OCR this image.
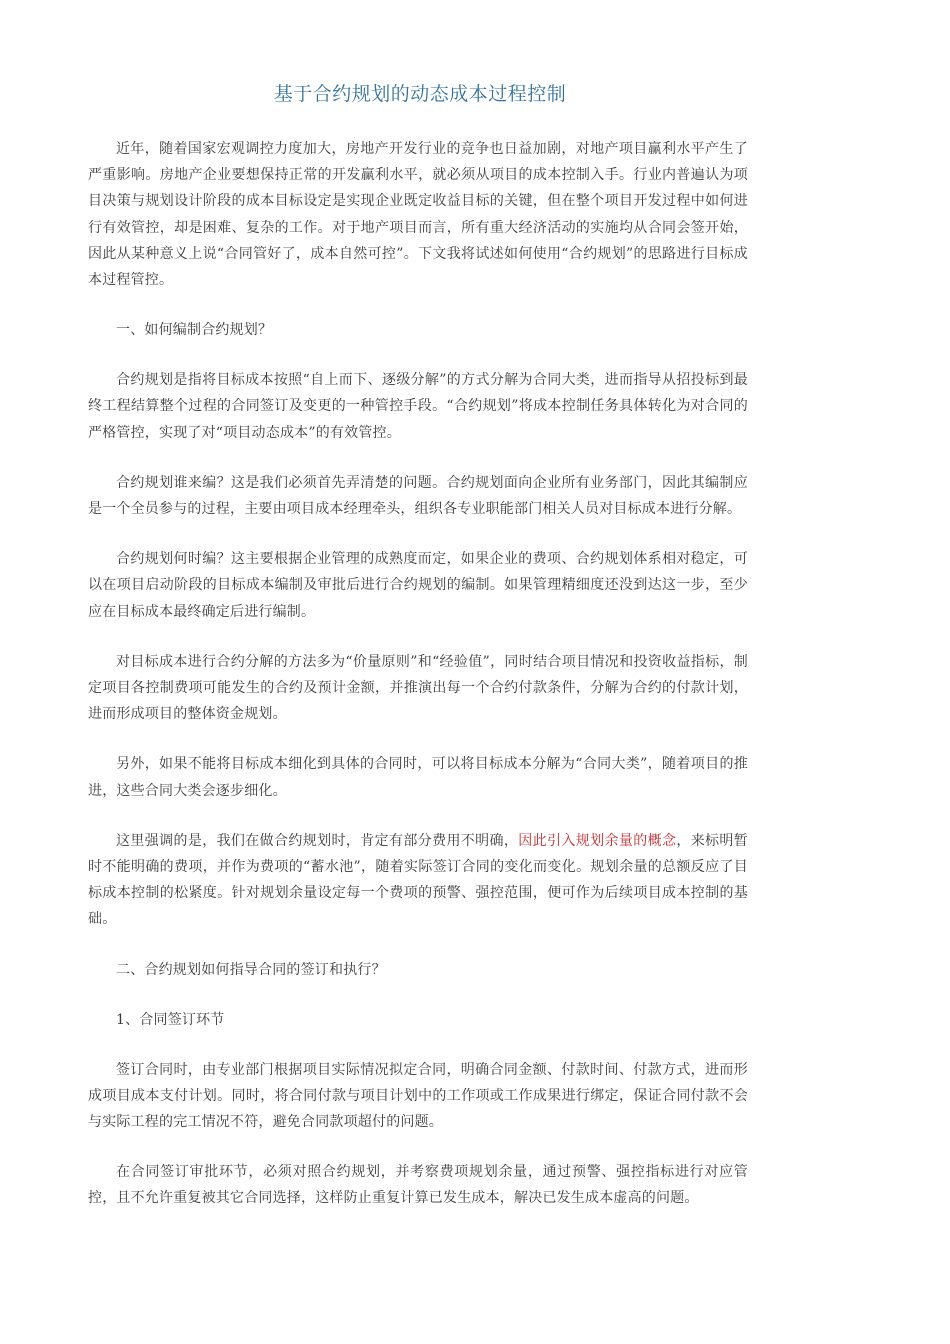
基于合约规划的动态成本过程控制

近年，随着国家宏观调控力度加大，房地产开发行业的竞争也日益加剧，对地产项目赢利水平产生了严重影响。房地产企业要想保持正常的开发赢利水平，就必须从项目的成本控制入手。行业内普遍认为项目决策与规划设计阶段的成本目标设定是实现企业既定收益目标的关键，但在整个项目开发过程中如何进行有效管控，却是困难、复杂的工作。对于地产项目而言，所有重大经济活动的实施均从合同会签开始，因此从某种意义上说“合同管好了，成本自然可控”。下文我将试述如何使用“合约规划”的思路进行目标成本过程管控。

一、如何编制合约规划？

合约规划是指将目标成本按照“自上而下、逐级分解”的方式分解为合同大类，进而指导从招投标到最终工程结算整个过程的合同签订及变更的一种管控手段。“合约规划”将成本控制任务具体转化为对合同的严格管控，实现了对“项目动态成本”的有效管控。

合约规划谁来编？这是我们必须首先弄清楚的问题。合约规划面向企业所有业务部门，因此其编制应是一个全员参与的过程，主要由项目成本经理牵头，组织各专业职能部门相关人员对目标成本进行分解。

合约规划何时编？这主要根据企业管理的成熟度而定，如果企业的费项、合约规划体系相对稳定，可以在项目启动阶段的目标成本编制及审批后进行合约规划的编制。如果管理精细度还没到达这一步，至少应在目标成本最终确定后进行编制。

对目标成本进行合约分解的方法多为“价量原则”和“经验值”，同时结合项目情况和投资收益指标，制定项目各控制费项可能发生的合约及预计金额，并推演出每一个合约付款条件，分解为合约的付款计划，进而形成项目的整体资金规划。

另外，如果不能将目标成本细化到具体的合同时，可以将目标成本分解为“合同大类”，随着项目的推进，这些合同大类会逐步细化。

这里强调的是，我们在做合约规划时，肯定有部分费用不明确，因此引入规划余量的概念，来标明暂时不能明确的费项，并作为费项的“蓄水池”，随着实际签订合同的变化而变化。规划余量的总额反应了目标成本控制的松紧度。针对规划余量设定每一个费项的预警、强控范围，便可作为后续项目成本控制的基础。

二、合约规划如何指导合同的签订和执行？

1、合同签订环节

签订合同时，由专业部门根据项目实际情况拟定合同，明确合同金额、付款时间、付款方式，进而形成项目成本支付计划。同时，将合同付款与项目计划中的工作项或工作成果进行绑定，保证合同付款不会与实际工程的完工情况不符，避免合同款项超付的问题。

在合同签订审批环节，必须对照合约规划，并考察费项规划余量，通过预警、强控指标进行对应管控，且不允许重复被其它合同选择，这样防止重复计算已发生成本，解决已发生成本虚高的问题。
